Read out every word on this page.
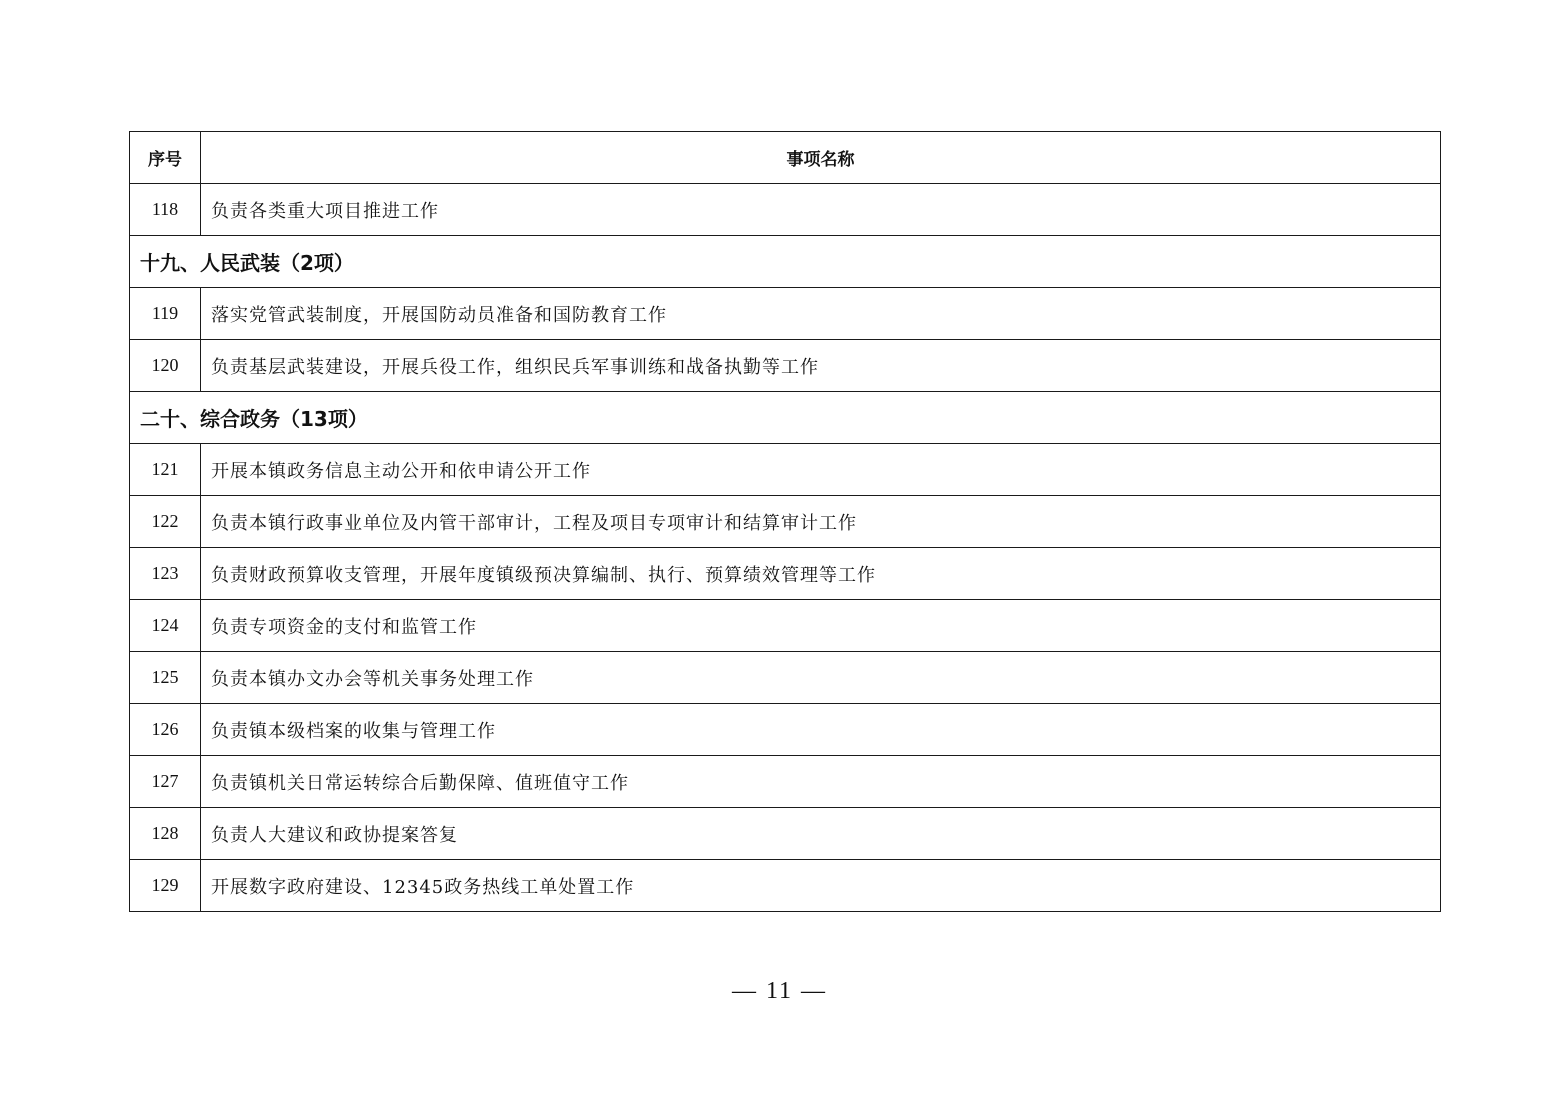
序号	事项名称
118	负责各类重大项目推进工作
十九、人民武装（2项）	
119	落实党管武装制度，开展国防动员准备和国防教育工作
120	负责基层武装建设，开展兵役工作，组织民兵军事训练和战备执勤等工作
二十、综合政务（13项）	
121	开展本镇政务信息主动公开和依申请公开工作
122	负责本镇行政事业单位及内管干部审计，工程及项目专项审计和结算审计工作
123	负责财政预算收支管理，开展年度镇级预决算编制、执行、预算绩效管理等工作
124	负责专项资金的支付和监管工作
125	负责本镇办文办会等机关事务处理工作
126	负责镇本级档案的收集与管理工作
127	负责镇机关日常运转综合后勤保障、值班值守工作
128	负责人大建议和政协提案答复
129	开展数字政府建设、12345政务热线工单处置工作
— 11 —
